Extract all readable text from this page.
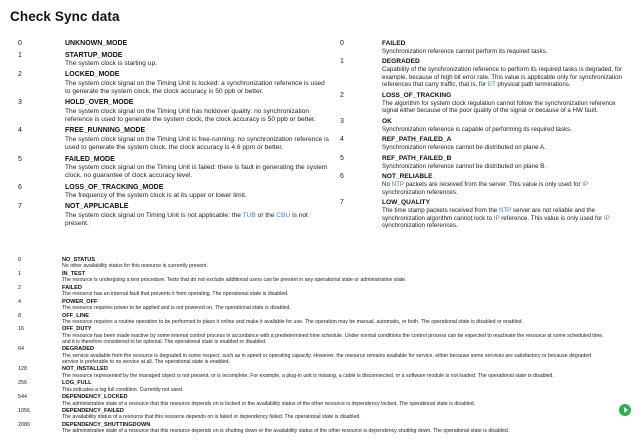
Check Sync data
0	UNKNOWN_MODE
1	STARTUP_MODE
The system clock is starting up.
2	LOCKED_MODE
The system clock signal on the Timing Unit is locked: a synchronization reference is used to generate the system clock, the clock accuracy is 50 ppb or better.
3	HOLD_OVER_MODE
The system clock signal on the Timing Unit has holdover quality: no synchronization reference is used to generate the system clock, the clock accuracy is 50 ppb or better.
4	FREE_RUNNING_MODE
The system clock signal on the Timing Unit is free-running: no synchronization reference is used to generate the system clock, the clock accuracy is 4.6 ppm or better.
5	FAILED_MODE
The system clock signal on the Timing Unit is failed: there is fault in generating the system clock, no guarantee of clock accuracy level.
6	LOSS_OF_TRACKING_MODE
The frequency of the system clock is at its upper or lower limit.
7	NOT_APPLICABLE
The system clock signal on Timing Unit is not applicable: the TUB or the CBU is not present.
0	FAILED
Synchronization reference cannot perform its required tasks.
1	DEGRADED
Capability of the synchronization reference to perform its required tasks is degraded, for example, because of high bit error rate. This value is applicable only for synchronization references that carry traffic, that is, for ET physical path terminations.
2	LOSS_OF_TRACKING
The algorithm for system clock regulation cannot follow the synchronization reference signal either because of the poor quality of the signal or because of a HW fault.
3	OK
Synchronization reference is capable of performing its required tasks.
4	REF_PATH_FAILED_A
Synchronization reference cannot be distributed on plane A.
5	REF_PATH_FAILED_B
Synchronization reference cannot be distributed on plane B.
6	NOT_RELIABLE
No NTP packets are received from the server. This value is only used for IP synchronization references.
7	LOW_QUALITY
The time stamp packets received from the NTP server are not reliable and the synchronization algorithm cannot lock to IP reference. This value is only used for IP synchronization references.
0	NO_STATUS
No other availability status for this resource is currently present.
1	IN_TEST
The resource is undergoing a test procedure. Tests that do not exclude additional users can be present in any operational state or administrative state.
2	FAILED
The resource has an internal fault that prevents it from operating. The operational state is disabled.
4	POWER_OFF
The resource requires power to be applied and is not powered on. The operational state is disabled.
8	OFF_LINE
The resource requires a routine operation to be performed to place it online and make it available for use. The operation may be manual, automatic, or both. The operational state is disabled or enabled.
16	OFF_DUTY
The resource has been made inactive by some internal control process in accordance with a predetermined time schedule. Under normal conditions the control process can be expected to reactivate the resource at some scheduled time, and it is therefore considered to be optional. The operational state is enabled or disabled.
64	DEGRADED
The service available from the resource is degraded in some respect, such as in speed or operating capacity. However, the resource remains available for service, either because some services are satisfactory or because degraded service is preferable to no service at all. The operational state is enabled.
128	NOT_INSTALLED
The resource represented by the managed object is not present, or is incomplete. For example, a plug-in unit is missing, a cable is disconnected, or a software module is not loaded. The operational state is disabled.
256	LOG_FULL
This indicates a log full condition. Currently not used.
544	DEPENDENCY_LOCKED
The administrative state of a resource that this resource depends on is locked or the availability status of the other resource is dependency locked. The operational state is disabled.
1056	DEPENDENCY_FAILED
The availability status of a resource that this resource depends on is failed or dependency failed. The operational state is disabled.
2080	DEPENDENCY_SHUTTINGDOWN
The administrative state of a resource that this resource depends on is shutting down or the availability status of the other resource is dependency shutting down. The operational state is disabled.
